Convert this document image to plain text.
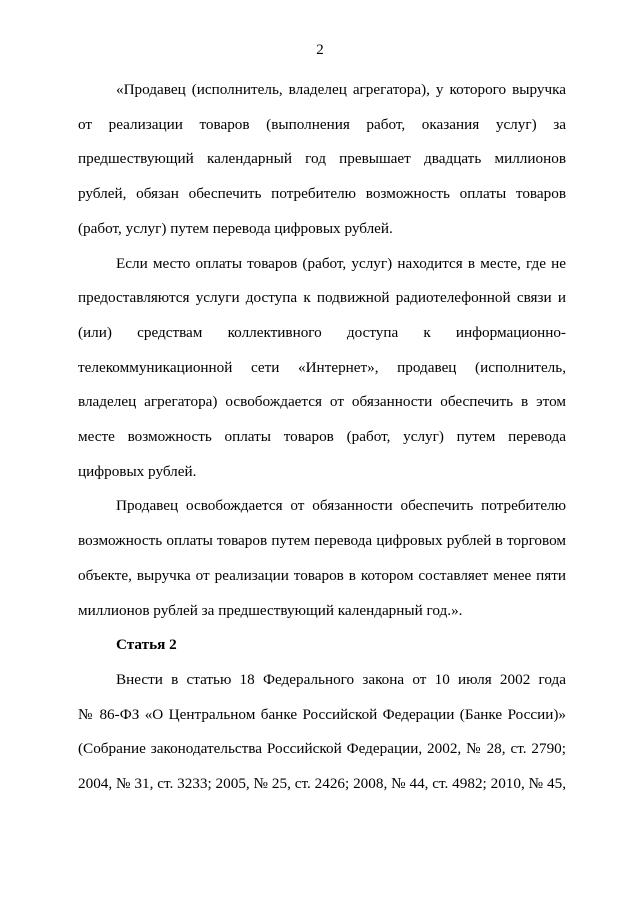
2

«Продавец (исполнитель, владелец агрегатора), у которого выручка
от реализации товаров (выполнения работ, оказания услуг) за
предшествующий календарный год превышает двадцать миллионов
рублей, обязан обеспечить потребителю возможность оплаты товаров
(работ, услуг) путем перевода цифровых рублей.

Если место оплаты товаров (работ, услуг) находится в месте, где не
предоставляются услуги доступа к подвижной радиотелефонной связи и
(или) средствам коллективного доступа к информационно-
телекоммуникационной сети «Интернет», продавец (исполнитель,
владелец агрегатора) освобождается от обязанности обеспечить в этом
месте возможность оплаты товаров (работ, услуг) путем перевода
цифровых рублей.

Продавец освобождается от обязанности обеспечить потребителю
возможность оплаты товаров путем перевода цифровых рублей в торговом
объекте, выручка от реализации товаров в котором составляет менее пяти
миллионов рублей за предшествующий календарный год.».

Статья 2

Внести в статью 18 Федерального закона от 10 июля 2002 года
№ 86-ФЗ «О Центральном банке Российской Федерации (Банке России)»
(Собрание законодательства Российской Федерации, 2002, № 28, ст. 2790;
2004, № 31, ст. 3233; 2005, № 25, ст. 2426; 2008, № 44, ст. 4982; 2010, № 45,
